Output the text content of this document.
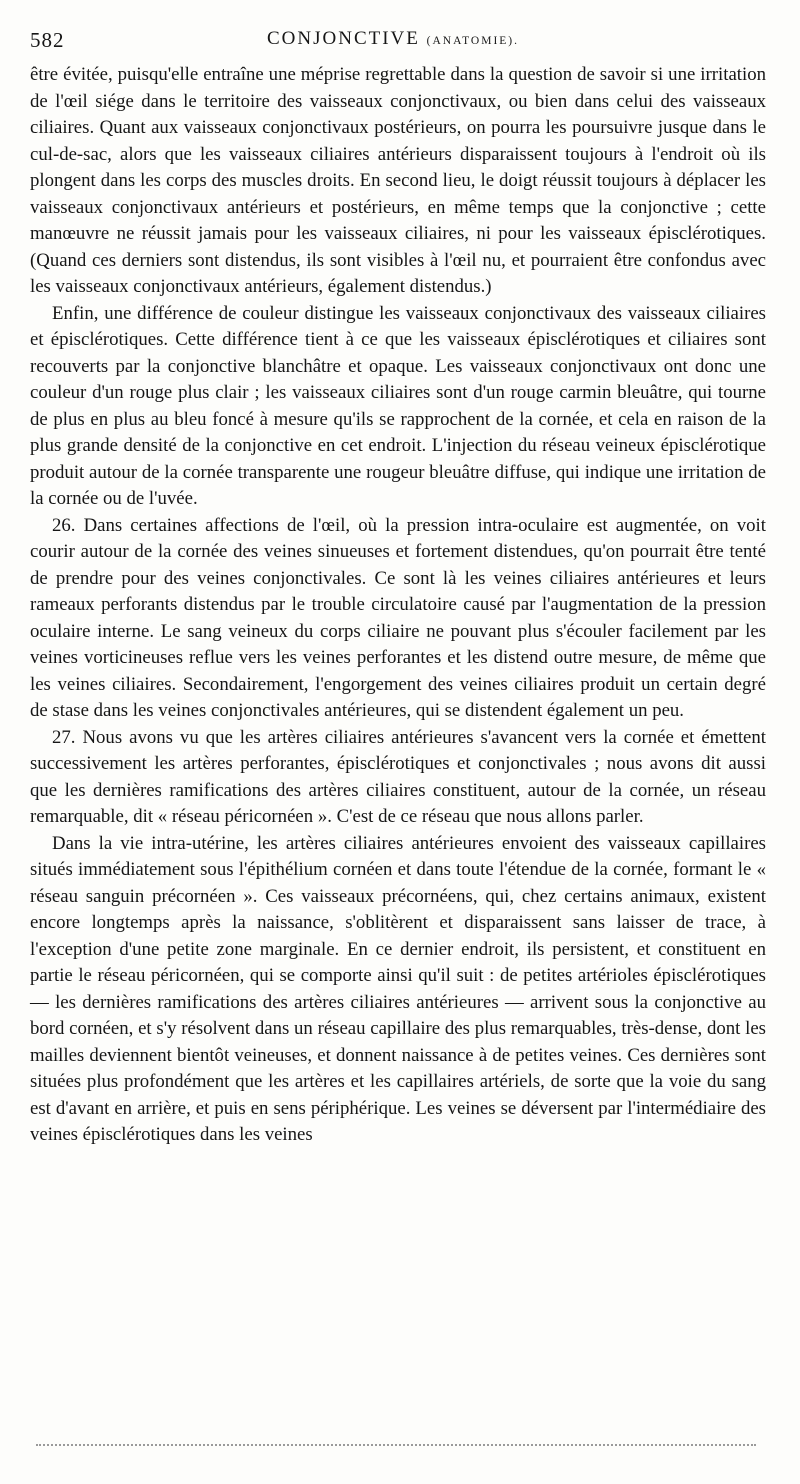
582	CONJONCTIVE (ANATOMIE).

être évitée, puisqu'elle entraîne une méprise regrettable dans la question de savoir si une irritation de l'œil siége dans le territoire des vaisseaux conjonctivaux, ou bien dans celui des vaisseaux ciliaires. Quant aux vaisseaux conjonctivaux postérieurs, on pourra les poursuivre jusque dans le cul-de-sac, alors que les vaisseaux ciliaires antérieurs disparaissent toujours à l'endroit où ils plongent dans les corps des muscles droits. En second lieu, le doigt réussit toujours à déplacer les vaisseaux conjonctivaux antérieurs et postérieurs, en même temps que la conjonctive ; cette manœuvre ne réussit jamais pour les vaisseaux ciliaires, ni pour les vaisseaux épisclérotiques. (Quand ces derniers sont distendus, ils sont visibles à l'œil nu, et pourraient être confondus avec les vaisseaux conjonctivaux antérieurs, également distendus.)

Enfin, une différence de couleur distingue les vaisseaux conjonctivaux des vaisseaux ciliaires et épisclérotiques. Cette différence tient à ce que les vaisseaux épisclérotiques et ciliaires sont recouverts par la conjonctive blanchâtre et opaque. Les vaisseaux conjonctivaux ont donc une couleur d'un rouge plus clair ; les vaisseaux ciliaires sont d'un rouge carmin bleuâtre, qui tourne de plus en plus au bleu foncé à mesure qu'ils se rapprochent de la cornée, et cela en raison de la plus grande densité de la conjonctive en cet endroit. L'injection du réseau veineux épisclérotique produit autour de la cornée transparente une rougeur bleuâtre diffuse, qui indique une irritation de la cornée ou de l'uvée.

26. Dans certaines affections de l'œil, où la pression intra-oculaire est augmentée, on voit courir autour de la cornée des veines sinueuses et fortement distendues, qu'on pourrait être tenté de prendre pour des veines conjonctivales. Ce sont là les veines ciliaires antérieures et leurs rameaux perforants distendus par le trouble circulatoire causé par l'augmentation de la pression oculaire interne. Le sang veineux du corps ciliaire ne pouvant plus s'écouler facilement par les veines vorticineuses reflue vers les veines perforantes et les distend outre mesure, de même que les veines ciliaires. Secondairement, l'engorgement des veines ciliaires produit un certain degré de stase dans les veines conjonctivales antérieures, qui se distendent également un peu.

27. Nous avons vu que les artères ciliaires antérieures s'avancent vers la cornée et émettent successivement les artères perforantes, épisclérotiques et conjonctivales ; nous avons dit aussi que les dernières ramifications des artères ciliaires constituent, autour de la cornée, un réseau remarquable, dit « réseau péricornéen ». C'est de ce réseau que nous allons parler.

Dans la vie intra-utérine, les artères ciliaires antérieures envoient des vaisseaux capillaires situés immédiatement sous l'épithélium cornéen et dans toute l'étendue de la cornée, formant le « réseau sanguin précornéen ». Ces vaisseaux précornéens, qui, chez certains animaux, existent encore longtemps après la naissance, s'oblitèrent et disparaissent sans laisser de trace, à l'exception d'une petite zone marginale. En ce dernier endroit, ils persistent, et constituent en partie le réseau péricornéen, qui se comporte ainsi qu'il suit : de petites artérioles épisclérotiques — les dernières ramifications des artères ciliaires antérieures — arrivent sous la conjonctive au bord cornéen, et s'y résolvent dans un réseau capillaire des plus remarquables, très-dense, dont les mailles deviennent bientôt veineuses, et donnent naissance à de petites veines. Ces dernières sont situées plus profondément que les artères et les capillaires artériels, de sorte que la voie du sang est d'avant en arrière, et puis en sens périphérique. Les veines se déversent par l'intermédiaire des veines épisclérotiques dans les veines
